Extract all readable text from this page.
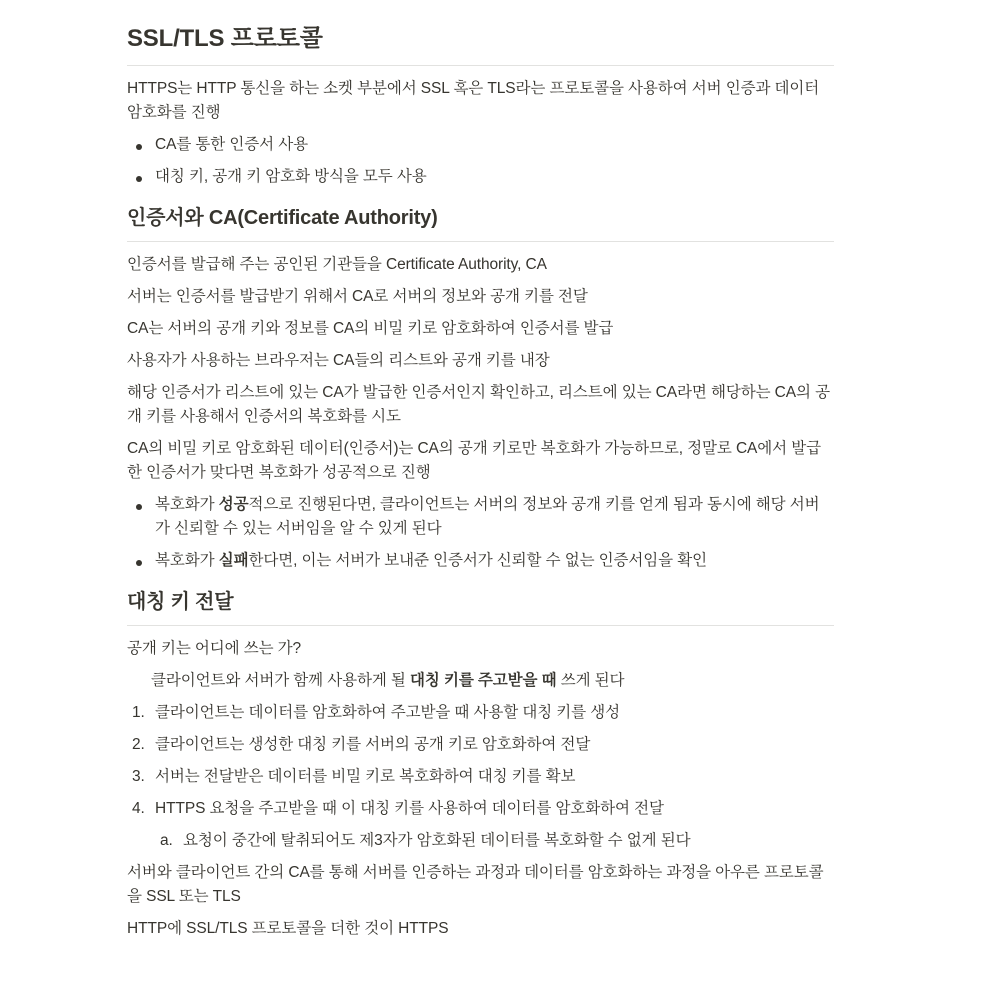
SSL/TLS 프로토콜

HTTPS는 HTTP 통신을 하는 소켓 부분에서 SSL 혹은 TLS라는 프로토콜을 사용하여 서버 인증과 데이터 암호화를 진행

CA를 통한 인증서 사용
대칭 키, 공개 키 암호화 방식을 모두 사용
인증서와 CA(Certificate Authority)

인증서를 발급해 주는 공인된 기관들을 Certificate Authority, CA

서버는 인증서를 발급받기 위해서 CA로 서버의 정보와 공개 키를 전달

CA는 서버의 공개 키와 정보를 CA의 비밀 키로 암호화하여 인증서를 발급

사용자가 사용하는 브라우저는 CA들의 리스트와 공개 키를 내장

해당 인증서가 리스트에 있는 CA가 발급한 인증서인지 확인하고, 리스트에 있는 CA라면 해당하는 CA의 공개 키를 사용해서 인증서의 복호화를 시도

CA의 비밀 키로 암호화된 데이터(인증서)는 CA의 공개 키로만 복호화가 가능하므로, 정말로 CA에서 발급한 인증서가 맞다면 복호화가 성공적으로 진행

복호화가 성공적으로 진행된다면, 클라이언트는 서버의 정보와 공개 키를 얻게 됨과 동시에 해당 서버가 신뢰할 수 있는 서버임을 알 수 있게 된다
복호화가 실패한다면, 이는 서버가 보내준 인증서가 신뢰할 수 없는 인증서임을 확인
대칭 키 전달

공개 키는 어디에 쓰는 가?

클라이언트와 서버가 함께 사용하게 될 대칭 키를 주고받을 때 쓰게 된다

1. 클라이언트는 데이터를 암호화하여 주고받을 때 사용할 대칭 키를 생성
2. 클라이언트는 생성한 대칭 키를 서버의 공개 키로 암호화하여 전달
3. 서버는 전달받은 데이터를 비밀 키로 복호화하여 대칭 키를 확보
4. HTTPS 요청을 주고받을 때 이 대칭 키를 사용하여 데이터를 암호화하여 전달
a. 요청이 중간에 탈취되어도 제3자가 암호화된 데이터를 복호화할 수 없게 된다

서버와 클라이언트 간의 CA를 통해 서버를 인증하는 과정과 데이터를 암호화하는 과정을 아우른 프로토콜을 SSL 또는 TLS

HTTP에 SSL/TLS 프로토콜을 더한 것이 HTTPS
